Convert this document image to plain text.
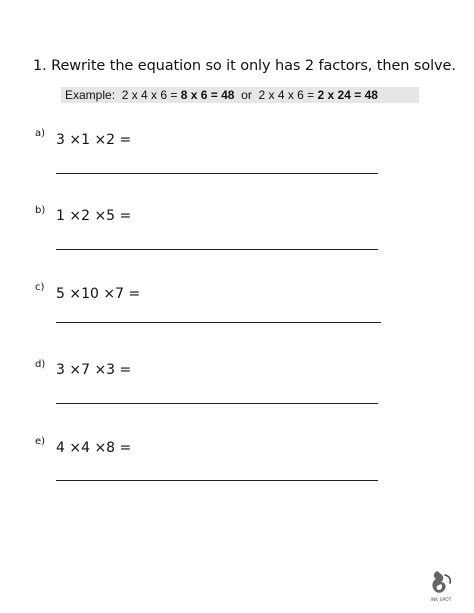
1. Rewrite the equation so it only has 2 factors, then solve.
Example: 2 x 4 x 6 = 8 x 6 = 48 or 2 x 4 x 6 = 2 x 24 = 48
a) 3 ×1 ×2 =
b) 1 ×2 ×5 =
c) 5 ×10 ×7 =
d) 3 ×7 ×3 =
e) 4 ×4 ×8 =
INK SPOT
